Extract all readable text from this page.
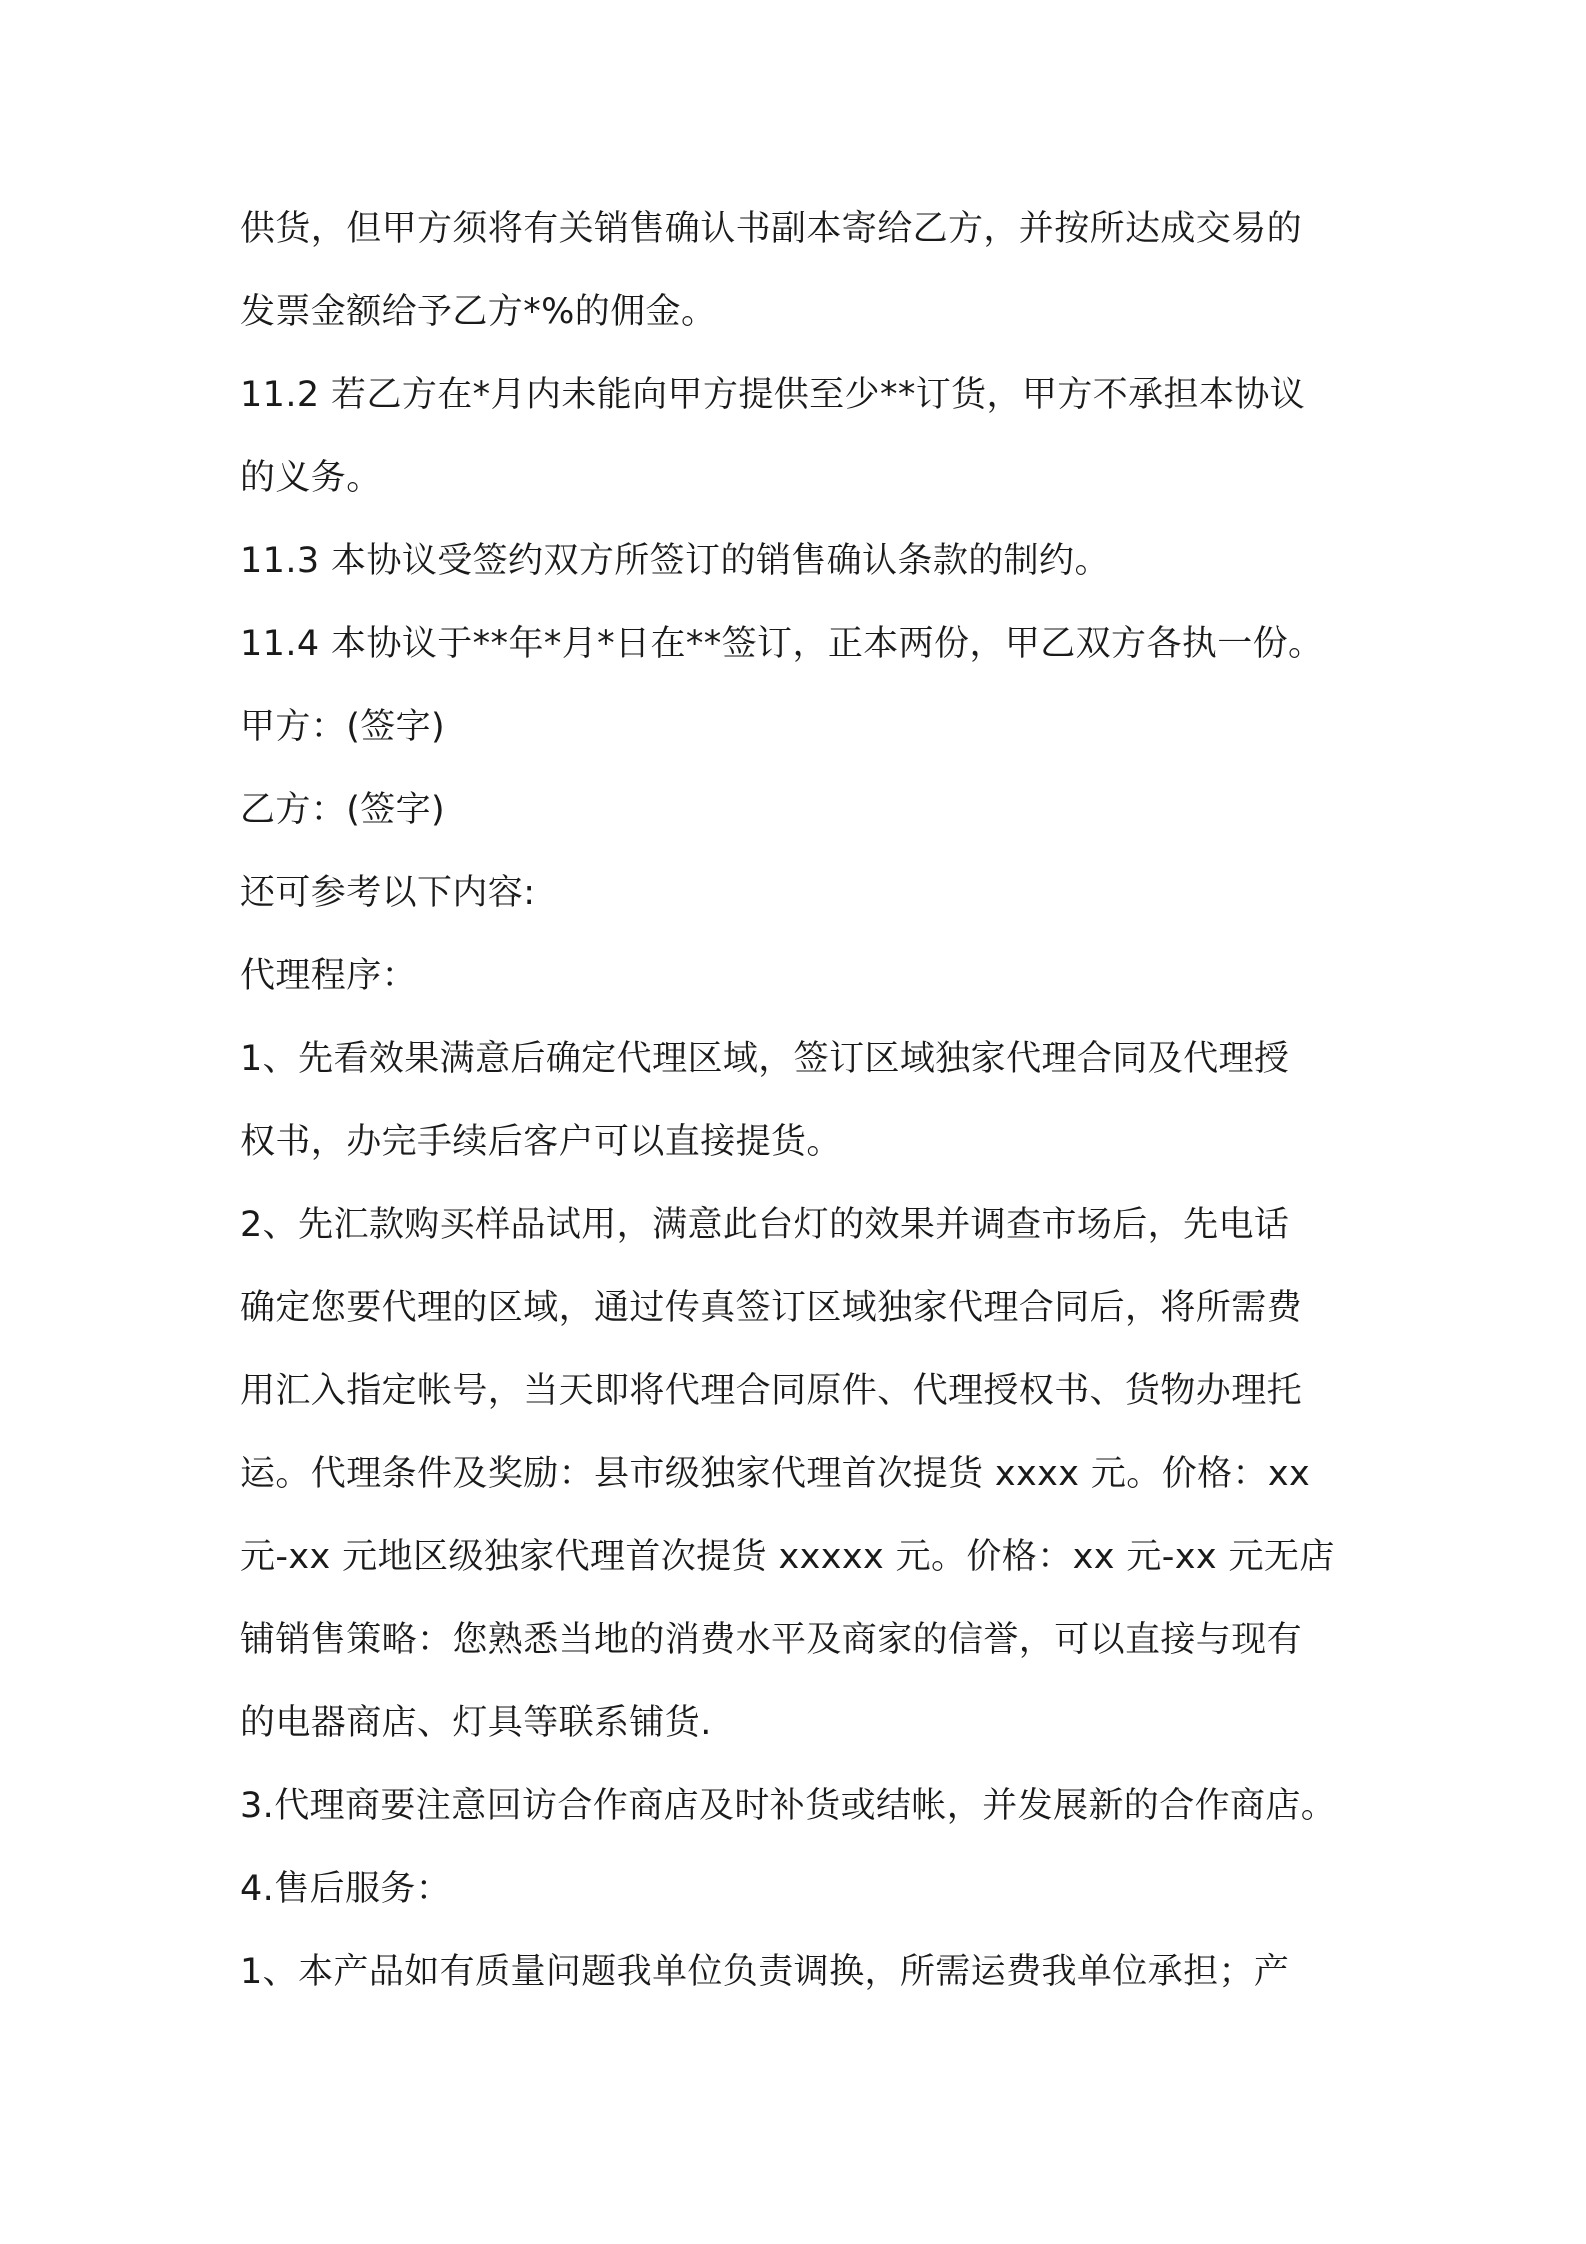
供货，但甲方须将有关销售确认书副本寄给乙方，并按所达成交易的

发票金额给予乙方*%的佣金。

11.2 若乙方在*月内未能向甲方提供至少**订货，甲方不承担本协议

的义务。

11.3 本协议受签约双方所签订的销售确认条款的制约。

11.4 本协议于**年*月*日在**签订，正本两份，甲乙双方各执一份。

甲方：(签字)

乙方：(签字)

还可参考以下内容:

代理程序：

1、先看效果满意后确定代理区域，签订区域独家代理合同及代理授

权书，办完手续后客户可以直接提货。

2、先汇款购买样品试用，满意此台灯的效果并调查市场后，先电话

确定您要代理的区域，通过传真签订区域独家代理合同后，将所需费

用汇入指定帐号，当天即将代理合同原件、代理授权书、货物办理托

运。代理条件及奖励：县市级独家代理首次提货 xxxx 元。价格：xx

元-xx 元地区级独家代理首次提货 xxxxx 元。价格：xx 元-xx 元无店

铺销售策略：您熟悉当地的消费水平及商家的信誉，可以直接与现有

的电器商店、灯具等联系铺货.

3.代理商要注意回访合作商店及时补货或结帐，并发展新的合作商店。

4.售后服务：

1、本产品如有质量问题我单位负责调换，所需运费我单位承担；产
